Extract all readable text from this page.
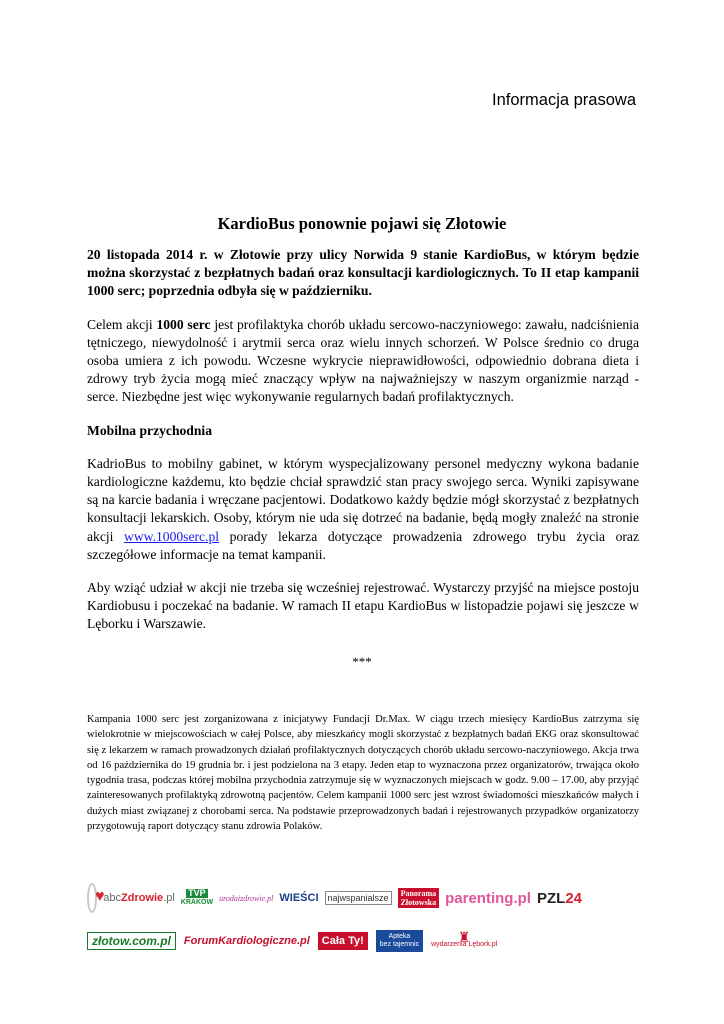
Informacja prasowa
KardioBus ponownie pojawi się Złotowie

20 listopada 2014 r. w Złotowie przy ulicy Norwida 9 stanie KardioBus, w którym będzie można skorzystać z bezpłatnych badań oraz konsultacji kardiologicznych. To II etap kampanii 1000 serc; poprzednia odbyła się w październiku.

Celem akcji 1000 serc jest profilaktyka chorób układu sercowo-naczyniowego: zawału, nadciśnienia tętniczego, niewydolność i arytmii serca oraz wielu innych schorzeń. W Polsce średnio co druga osoba umiera z ich powodu. Wczesne wykrycie nieprawidłowości, odpowiednio dobrana dieta i zdrowy tryb życia mogą mieć znaczący wpływ na najważniejszy w naszym organizmie narząd - serce. Niezbędne jest więc wykonywanie regularnych badań profilaktycznych.

Mobilna przychodnia

KadrioBus to mobilny gabinet, w którym wyspecjalizowany personel medyczny wykona badanie kardiologiczne każdemu, kto będzie chciał sprawdzić stan pracy swojego serca. Wyniki zapisywane są na karcie badania i wręczane pacjentowi. Dodatkowo każdy będzie mógł skorzystać z bezpłatnych konsultacji lekarskich. Osoby, którym nie uda się dotrzeć na badanie, będą mogły znaleźć na stronie akcji www.1000serc.pl porady lekarza dotyczące prowadzenia zdrowego trybu życia oraz szczegółowe informacje na temat kampanii.

Aby wziąć udział w akcji nie trzeba się wcześniej rejestrować. Wystarczy przyjść na miejsce postoju Kardiobusu i poczekać na badanie. W ramach II etapu KardioBus w listopadzie pojawi się jeszcze w Lęborku i Warszawie.

***
Kampania 1000 serc jest zorganizowana z inicjatywy Fundacji Dr.Max. W ciągu trzech miesięcy KardioBus zatrzyma się wielokrotnie w miejscowościach w całej Polsce, aby mieszkańcy mogli skorzystać z bezpłatnych badań EKG oraz skonsultować się z lekarzem w ramach prowadzonych działań profilaktycznych dotyczących chorób układu sercowo-naczyniowego. Akcja trwa od 16 października do 19 grudnia br. i jest podzielona na 3 etapy. Jeden etap to wyznaczona przez organizatorów, trwająca około tygodnia trasa, podczas której mobilna przychodnia zatrzymuje się w wyznaczonych miejscach w godz. 9.00 – 17.00, aby przyjąć zainteresowanych profilaktyką zdrowotną pacjentów. Celem kampanii 1000 serc jest wzrost świadomości mieszkańców małych i dużych miast związanej z chorobami serca. Na podstawie przeprowadzonych badań i rejestrowanych przypadków organizatorzy przygotowują raport dotyczący stanu zdrowia Polaków.
♥
abc Zdrowie .pl TVP
KRAKÓW urodaizdrowie.pl WIEŚCI	najwspanialsze	Panorama
Złotowska parenting.pl PZL 24
złotow.com.pl	ForumKardiologiczne.pl	Cała Ty!	Apteka
bez tajemnic	♜
wydarzenia Lębork.pl
